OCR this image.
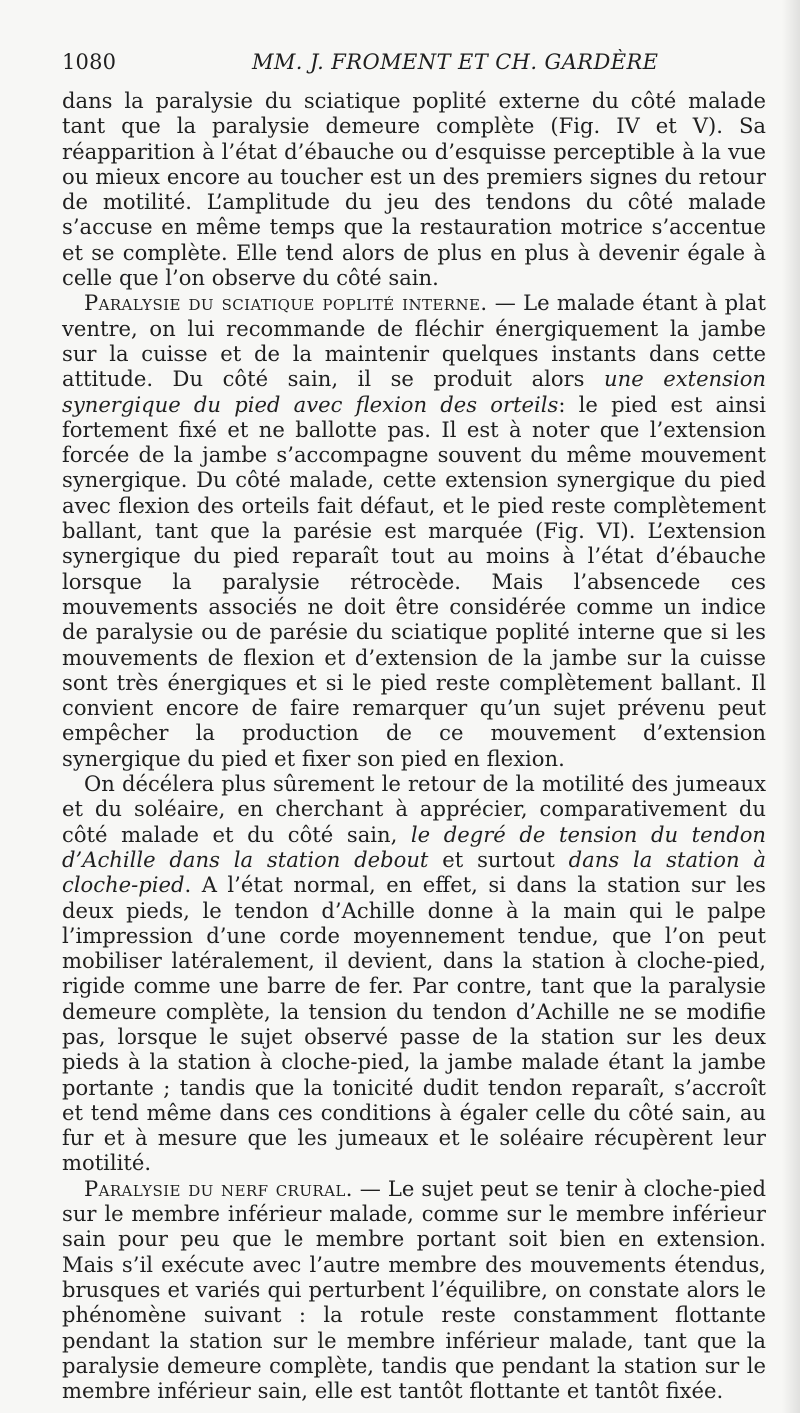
1080	MM. J. FROMENT ET CH. GARDÈRE

dans la paralysie du sciatique poplité externe du côté malade tant que la paralysie demeure complète (Fig. IV et V). Sa réapparition à l’état d’ébauche ou d’esquisse perceptible à la vue ou mieux encore au toucher est un des premiers signes du retour de motilité. L’amplitude du jeu des tendons du côté malade s’accuse en même temps que la restauration motrice s’accentue et se complète. Elle tend alors de plus en plus à devenir égale à celle que l’on observe du côté sain.

Paralysie du sciatique poplité interne. — Le malade étant à plat ventre, on lui recommande de fléchir énergiquement la jambe sur la cuisse et de la maintenir quelques instants dans cette attitude. Du côté sain, il se produit alors une extension synergique du pied avec flexion des orteils: le pied est ainsi fortement fixé et ne ballotte pas. Il est à noter que l’extension forcée de la jambe s’accompagne souvent du même mouvement synergique. Du côté malade, cette extension synergique du pied avec flexion des orteils fait défaut, et le pied reste complètement ballant, tant que la parésie est marquée (Fig. VI). L’extension synergique du pied reparaît tout au moins à l’état d’ébauche lorsque la paralysie rétrocède. Mais l’absencede ces mouvements associés ne doit être considérée comme un indice de paralysie ou de parésie du sciatique poplité interne que si les mouvements de flexion et d’extension de la jambe sur la cuisse sont très énergiques et si le pied reste complètement ballant. Il convient encore de faire remarquer qu’un sujet prévenu peut empêcher la production de ce mouvement d’extension synergique du pied et fixer son pied en flexion.

On décélera plus sûrement le retour de la motilité des jumeaux et du soléaire, en cherchant à apprécier, comparativement du côté malade et du côté sain, le degré de tension du tendon d’Achille dans la station debout et surtout dans la station à cloche-pied. A l’état normal, en effet, si dans la station sur les deux pieds, le tendon d’Achille donne à la main qui le palpe l’impression d’une corde moyennement tendue, que l’on peut mobiliser latéralement, il devient, dans la station à cloche-pied, rigide comme une barre de fer. Par contre, tant que la paralysie demeure complète, la tension du tendon d’Achille ne se modifie pas, lorsque le sujet observé passe de la station sur les deux pieds à la station à cloche-pied, la jambe malade étant la jambe portante ; tandis que la tonicité dudit tendon reparaît, s’accroît et tend même dans ces conditions à égaler celle du côté sain, au fur et à mesure que les jumeaux et le soléaire récupèrent leur motilité.

Paralysie du nerf crural. — Le sujet peut se tenir à cloche-pied sur le membre inférieur malade, comme sur le membre inférieur sain pour peu que le membre portant soit bien en extension. Mais s’il exécute avec l’autre membre des mouvements étendus, brusques et variés qui perturbent l’équilibre, on constate alors le phénomène suivant : la rotule reste constamment flottante pendant la station sur le membre inférieur malade, tant que la paralysie demeure complète, tandis que pendant la station sur le membre inférieur sain, elle est tantôt flottante et tantôt fixée.
